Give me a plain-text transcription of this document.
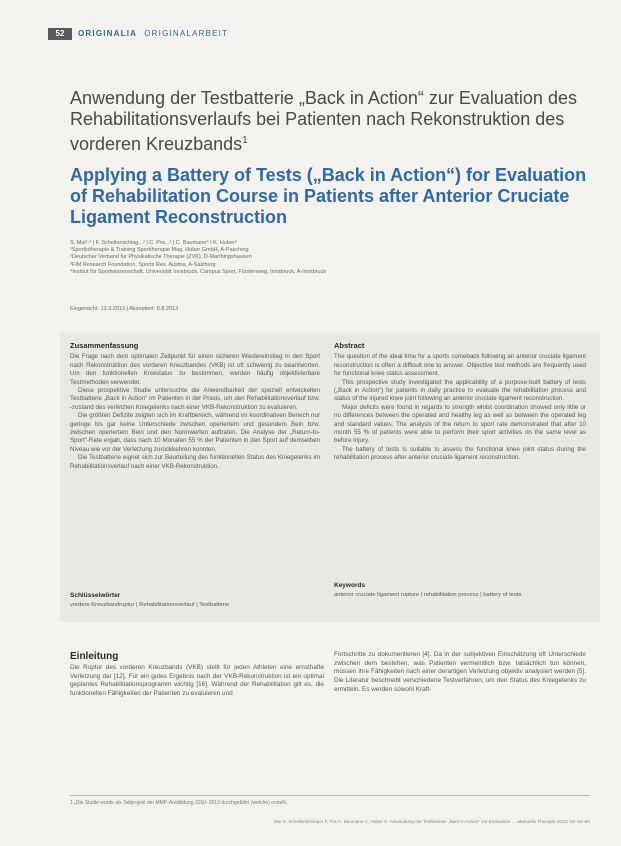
52	ORIGINALIA ORIGINALARBEIT
Anwendung der Testbatterie „Back in Action“ zur Evaluation des Rehabilitationsverlaufs bei Patienten nach Rekonstruktion des vorderen Kreuzbands$^1$
Applying a Battery of Tests („Back in Action“) for Evaluation of Rehabilitation Course in Patients after Anterior Cruciate Ligament Reconstruction
S. Mai¹·³ | F. Schellenschlag...² | C. Pra...³ | C. Baumann⁴ | K. Huber²
¹Sportlotherapie & Training Sporttherapie Mag. Huber GmbH, A-Pasching
²Deutscher Verband für Physikalische Therapie (ZVK), D-Marthingshausen
³FIM Research Foundation, Sports Res. Austria, A-Salzburg
⁴Institut für Sportwissenschaft, Universität Innsbruck, Campus Sport, Fürstenweg, Innsbruck, A-Innsbruck
Eingereicht: 13.3.2013 | Akzeptiert: 8.8.2013
Zusammenfassung

Die Frage nach dem optimalen Zeitpunkt für einen sicheren Wiedereinstieg in den Sport nach Rekonstruktion des vorderen Kreuzbandes (VKB) ist oft schwierig zu beantworten. Um den funktionellen Kniestatus zu bestimmen, werden häufig objektivierbare Testmethoden verwendet.

Diese prospektive Studie untersuchte die Anwendbarkeit der speziell entwickelten Testbatterie „Back in Action“ im Patienten in der Praxis, um den Rehabilitationsverlauf bzw. -zustand des verletzten Kniegelenks nach einer VKB-Rekonstruktion zu evaluieren.

Die größten Defizite zeigten sich im Kraftbereich, während im koordinativen Bereich nur geringe bis gar keine Unterschiede zwischen operiertem und gesundem Bein bzw. zwischen operiertem Bein und den Normwerten auftraten. Die Analyse der „Return-to-Sport“-Rate ergab, dass nach 10 Monaten 55 % der Patienten in den Sport auf demselben Niveau wie vor der Verletzung zurückkehren konnten.

Die Testbatterie eignet sich zur Beurteilung des funktionellen Status des Kniegelenks im Rehabilitationsverlauf nach einer VKB-Rekonstruktion.

Abstract

The question of the ideal time for a sports comeback following an anterior cruciate ligament reconstruction is often a difficult one to answer. Objective test methods are frequently used for functional knee status assessment.

This prospective study investigated the applicability of a purpose-built battery of tests („Back in Action“) for patients in daily practice to evaluate the rehabilitation process and status of the injured knee joint following an anterior cruciate ligament reconstruction.

Major deficits were found in regards to strength whilst coordination showed only little or no differences between the operated and healthy leg as well as between the operated leg and standard values. The analysis of the return to sport rate demonstrated that after 10 month 55 % of patients were able to perform their sport activities on the same level as before injury.

The battery of tests is suitable to assess the functional knee joint status during the rehabilitation process after anterior cruciate ligament reconstruction.

Schlüsselwörter
vordere Kreuzbandruptur | Rehabilitationsverlauf | Testbatterie
Keywords
anterior cruciate ligament rupture | rehabilitation process | battery of tests
Einleitung

Die Ruptur des vorderen Kreuzbands (VKB) stellt für jeden Athleten eine ernsthafte Verletzung dar [12]. Für ein gutes Ergebnis nach der VKB-Rekonstruktion ist ein optimal geplantes Rehabilitationsprogramm wichtig [16]. Während der Rehabilitation gilt es, die funktionellen Fähigkeiten der Patienten zu evaluieren und

Fortschritte zu dokumentieren [4]. Da in der subjektiven Einschätzung oft Unterschiede zwischen dem bestehen, was Patienten vermeintlich bzw. tatsächlich tun können, müssen ihre Fähigkeiten nach einer derartigen Verletzung objektiv analysiert werden [5]. Die Literatur beschreibt verschiedene Testverfahren, um den Status des Kniegelenks zu ermitteln. Es werden sowohl Kraft-

1 „Die Studie wurde als Teilprojekt der MMP-Ausbildung 2010–2013 durchgeführt (welche) erstellt.
Mai S, Schellenschlager F, Pra C, Baumann C, Huber K. Anwendung der Testbatterie „Back in Action“ zur Evaluation … Manuelle Therapie 2014; 18: 52–60
